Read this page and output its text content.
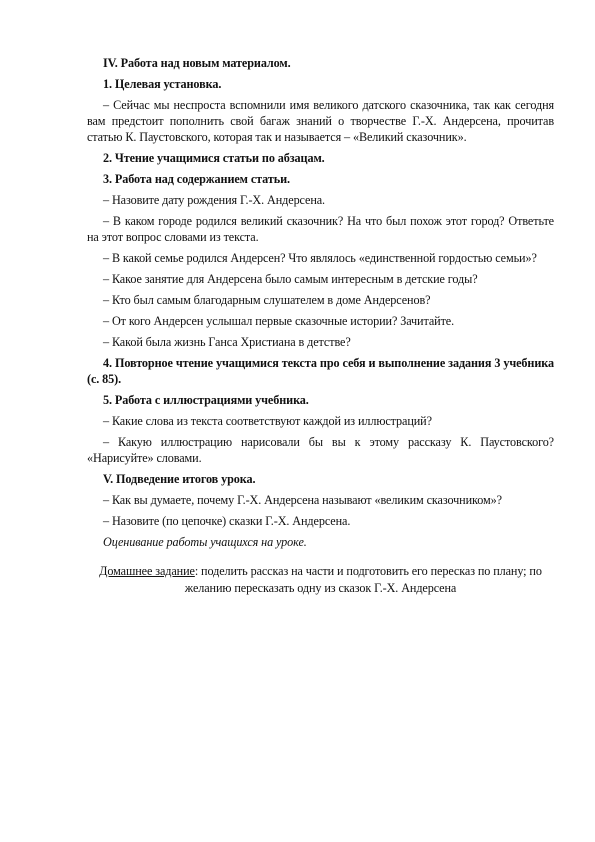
IV. Работа над новым материалом.

1. Целевая установка.

– Сейчас мы неспроста вспомнили имя великого датского сказочника, так как сегодня вам предстоит пополнить свой багаж знаний о творчестве Г.-Х. Андерсена, прочитав статью К. Паустовского, которая так и называется – «Великий сказочник».

2. Чтение учащимися статьи по абзацам.

3. Работа над содержанием статьи.

– Назовите дату рождения Г.-Х. Андерсена.

– В каком городе родился великий сказочник? На что был похож этот город? Ответьте на этот вопрос словами из текста.

– В какой семье родился Андерсен? Что являлось «единственной гордостью семьи»?

– Какое занятие для Андерсена было самым интересным в детские годы?

– Кто был самым благодарным слушателем в доме Андерсенов?

– От кого Андерсен услышал первые сказочные истории? Зачитайте.

– Какой была жизнь Ганса Христиана в детстве?

4. Повторное чтение учащимися текста про себя и выполнение задания 3 учебника (с. 85).

5. Работа с иллюстрациями учебника.

– Какие слова из текста соответствуют каждой из иллюстраций?

– Какую иллюстрацию нарисовали бы вы к этому рассказу К. Паустовского? «Нарисуйте» словами.

V. Подведение итогов урока.

– Как вы думаете, почему Г.-Х. Андерсена называют «великим сказочником»?

– Назовите (по цепочке) сказки Г.-Х. Андерсена.

Оценивание работы учащихся на уроке.

Домашнее задание: поделить рассказ на части и подготовить его пересказ по плану; по желанию пересказать одну из сказок Г.-Х. Андерсена
